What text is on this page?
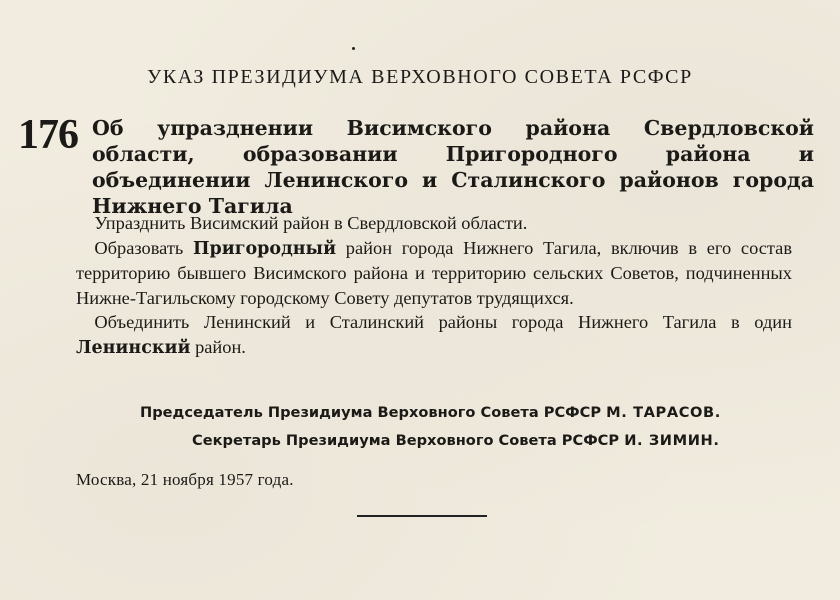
УКАЗ ПРЕЗИДИУМА ВЕРХОВНОГО СОВЕТА РСФСР
176 Об упразднении Висимского района Свердловской области, образовании Пригородного района и объединении Ленинского и Сталинского районов города Нижнего Тагила

 Упразднить Висимский район в Свердловской области.

 Образовать Пригородный район города Нижнего Тагила, включив в его состав территорию бывшего Висимского района и территорию сельских Советов, подчиненных Нижне-Тагильскому городскому Совету депутатов трудящихся.

 Объединить Ленинский и Сталинский районы города Нижнего Тагила в один Ленинский район.

Председатель Президиума Верховного Совета РСФСР М. ТАРАСОВ.
Секретарь Президиума Верховного Совета РСФСР И. ЗИМИН.
Москва, 21 ноября 1957 года.
